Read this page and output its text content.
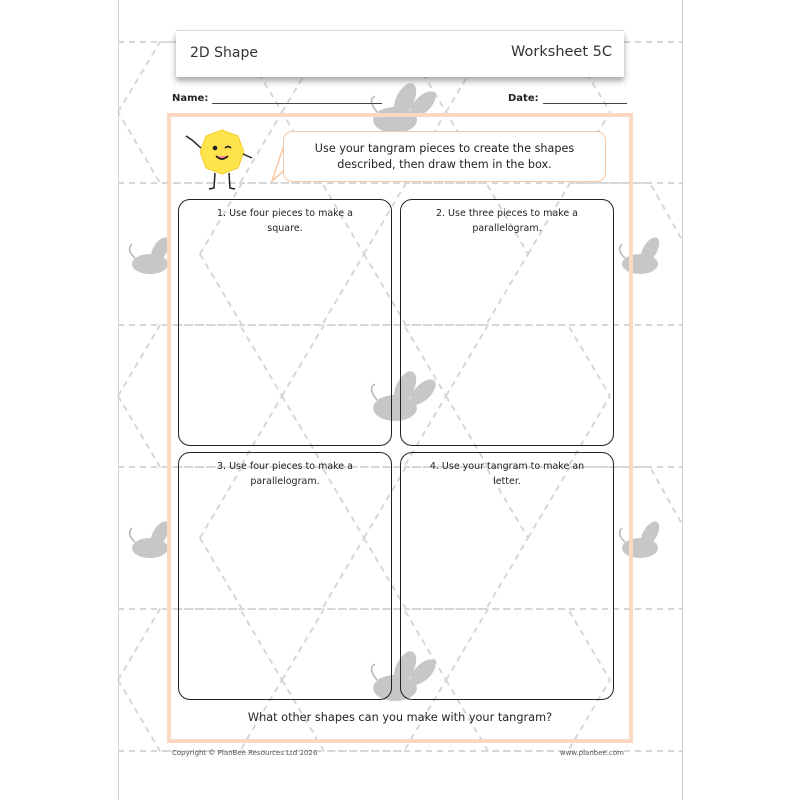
2D Shape	Worksheet 5C
Name:	Date:
Use your tangram pieces to create the shapes
described, then draw them in the box.
1. Use four pieces to make a
square.
2. Use three pieces to make a
parallelogram.
3. Use four pieces to make a
parallelogram.
4. Use your tangram to make an
letter.
What other shapes can you make with your tangram?
Copyright © PlanBee Resources Ltd 2026	www.planbee.com
